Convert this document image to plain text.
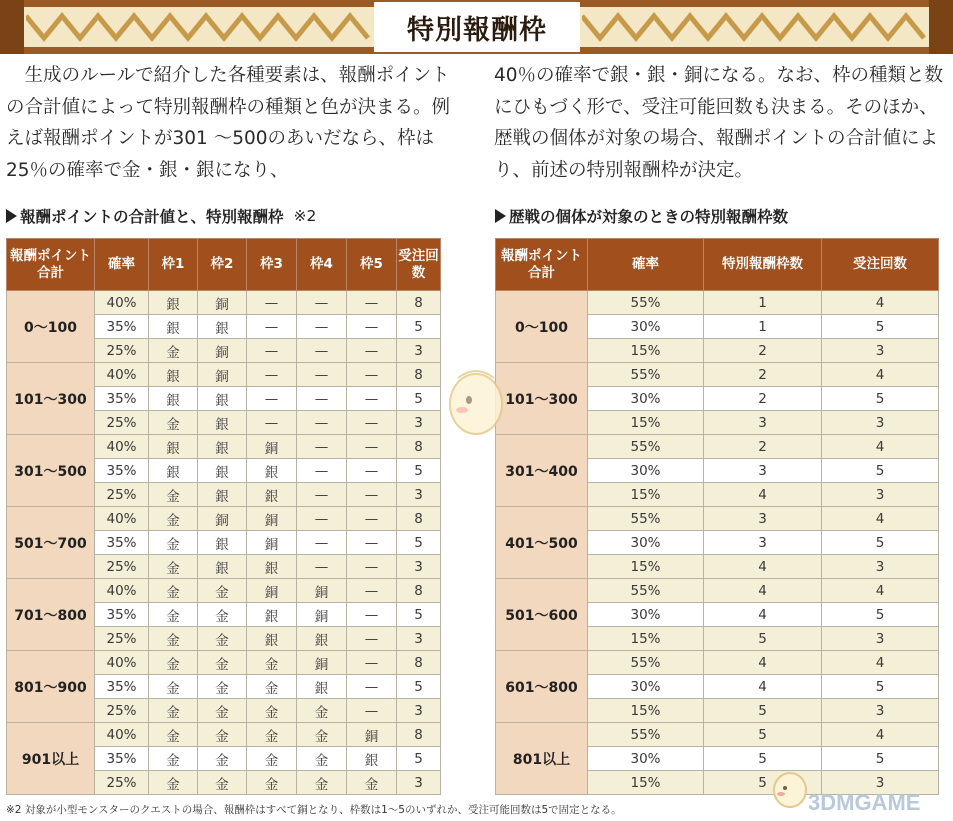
特別報酬枠
　生成のルールで紹介した各種要素は、報酬ポイントの合計値によって特別報酬枠の種類と色が決まる。例えば報酬ポイントが301 ～500のあいだなら、枠は25％の確率で金・銀・銀になり、
40％の確率で銀・銀・銅になる。なお、枠の種類と数にひもづく形で、受注可能回数も決まる。そのほか、歴戦の個体が対象の場合、報酬ポイントの合計値により、前述の特別報酬枠が決定。
報酬ポイントの合計値と、特別報酬枠 ※2	歴戦の個体が対象のときの特別報酬枠数
報酬ポイント合計	確率	枠1	枠2	枠3	枠4	枠5	受注回数
0～100	40%	銀	銅	—	—	—	8
	35%	銀	銀	—	—	—	5
	25%	金	銅	—	—	—	3
101～300	40%	銀	銅	—	—	—	8
	35%	銀	銀	—	—	—	5
	25%	金	銀	—	—	—	3
301～500	40%	銀	銀	銅	—	—	8
	35%	銀	銀	銀	—	—	5
	25%	金	銀	銀	—	—	3
501～700	40%	金	銅	銅	—	—	8
	35%	金	銀	銅	—	—	5
	25%	金	銀	銀	—	—	3
701～800	40%	金	金	銅	銅	—	8
	35%	金	金	銀	銅	—	5
	25%	金	金	銀	銀	—	3
801～900	40%	金	金	金	銅	—	8
	35%	金	金	金	銀	—	5
	25%	金	金	金	金	—	3
901以上	40%	金	金	金	金	銅	8
	35%	金	金	金	金	銀	5
	25%	金	金	金	金	金	3
報酬ポイント合計	確率	特別報酬枠数	受注回数
0～100	55%	1	4
	30%	1	5
	15%	2	3
101～300	55%	2	4
	30%	2	5
	15%	3	3
301～400	55%	2	4
	30%	3	5
	15%	4	3
401～500	55%	3	4
	30%	3	5
	15%	4	3
501～600	55%	4	4
	30%	4	5
	15%	5	3
601～800	55%	4	4
	30%	4	5
	15%	5	3
801以上	55%	5	4
	30%	5	5
	15%	5	3
※2 対象が小型モンスターのクエストの場合、報酬枠はすべて銅となり、枠数は1～5のいずれか、受注可能回数は5で固定となる。	3DMGAME
